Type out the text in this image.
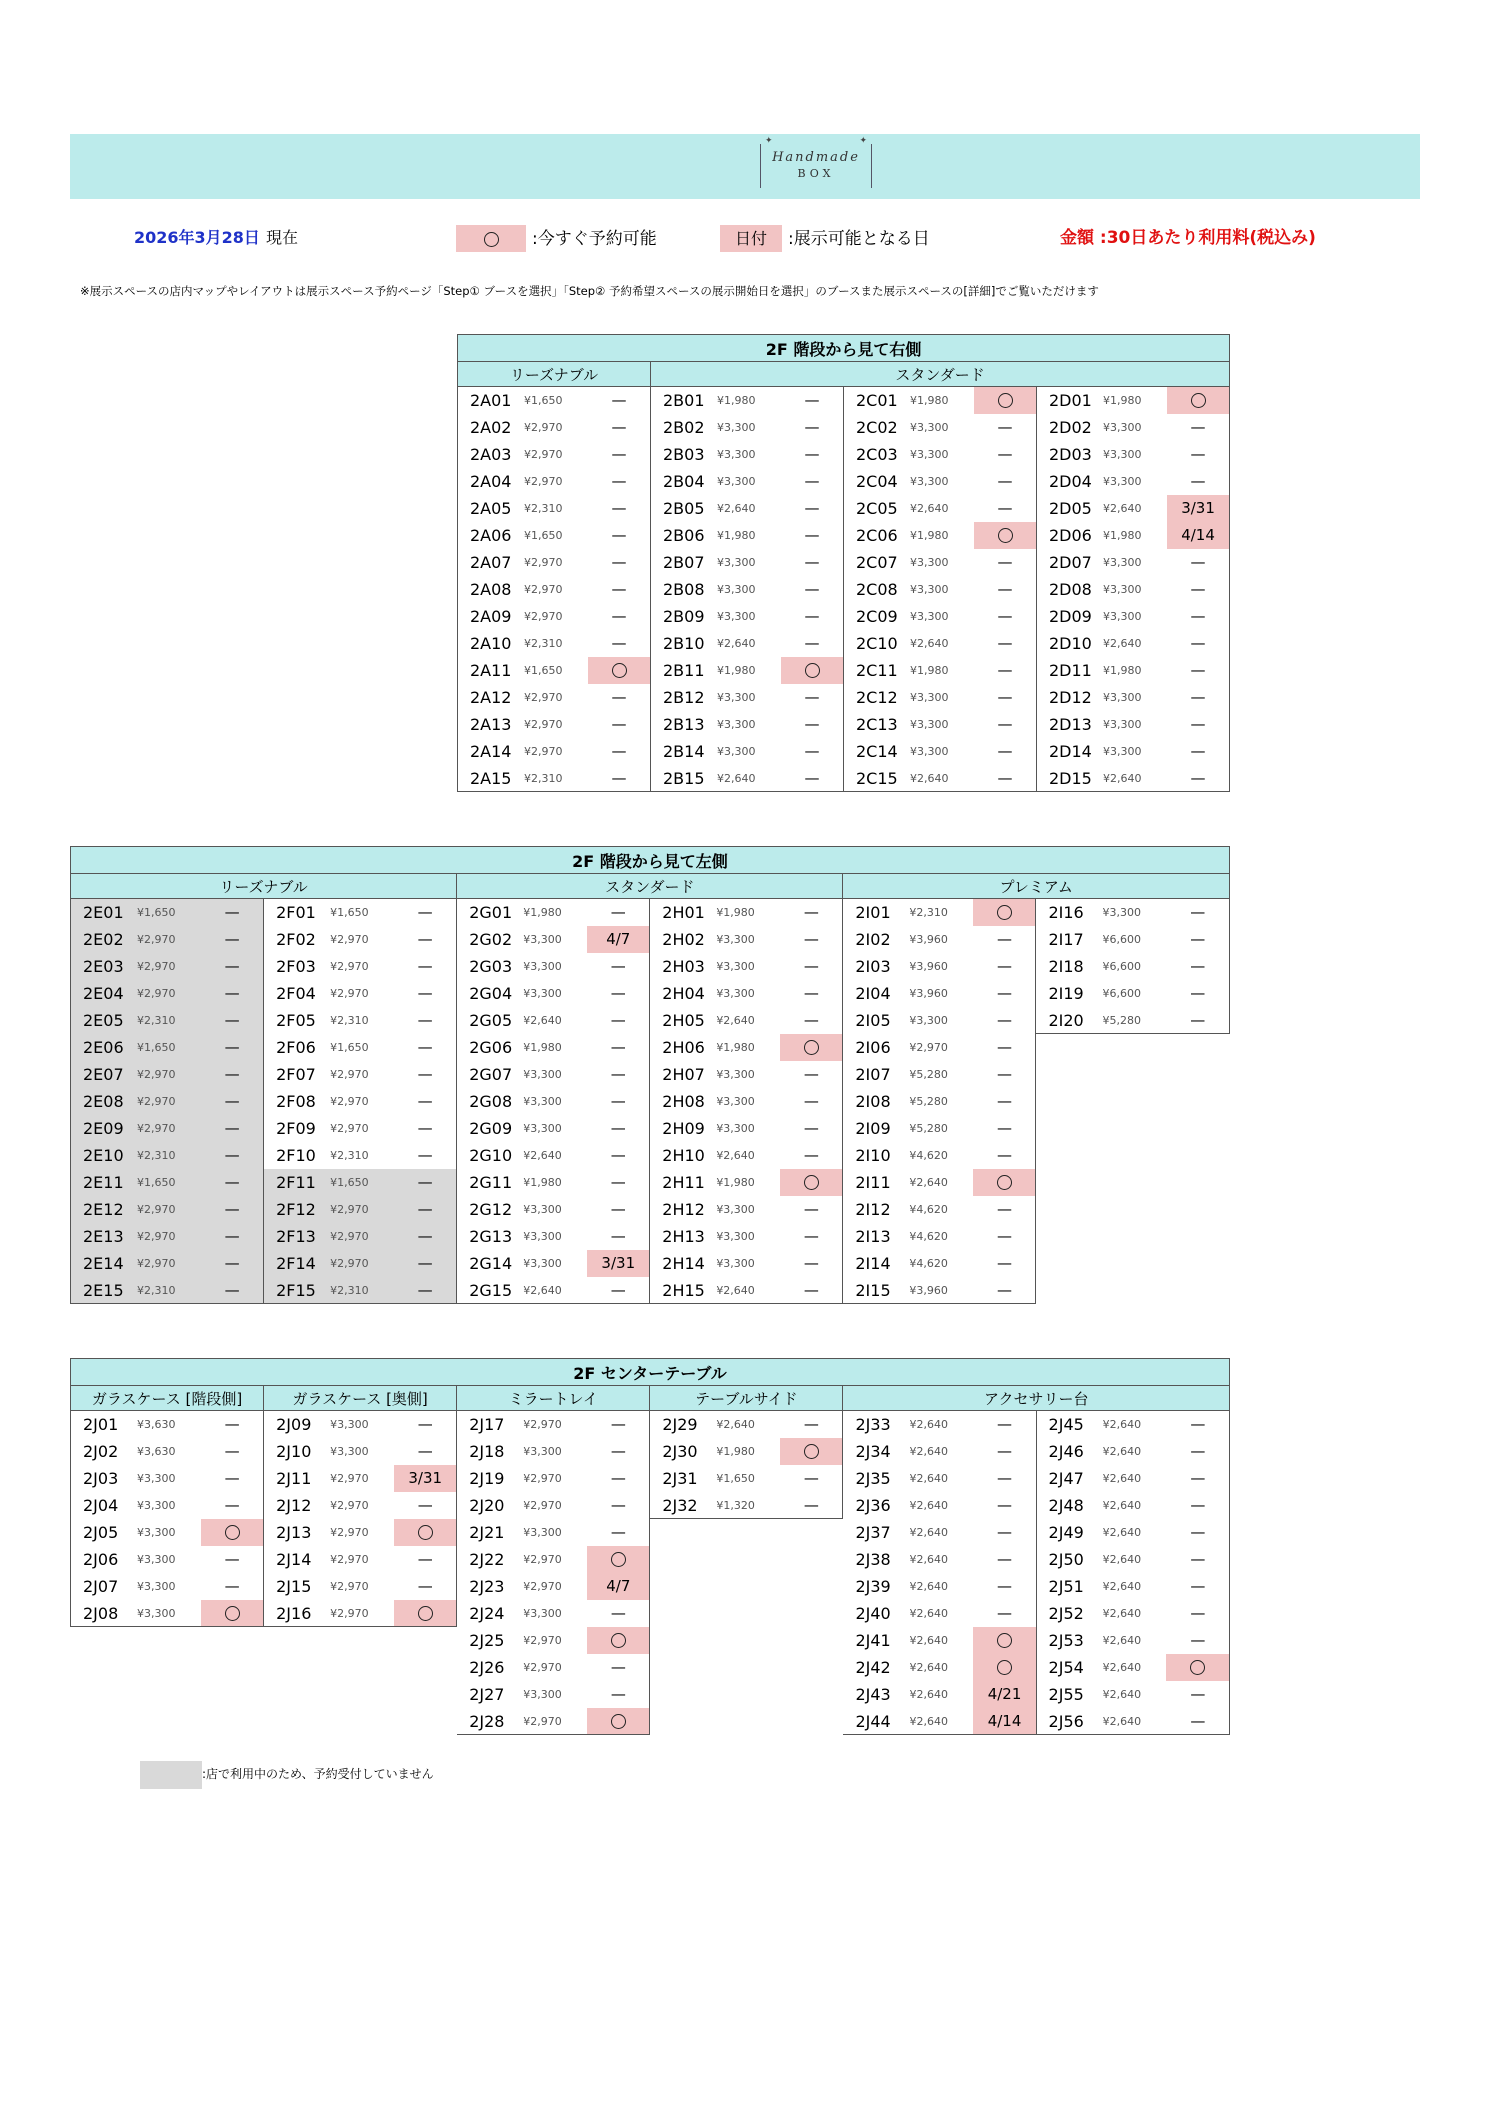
✦	✦
Handmade
BOX
2026年3月28日 現在	:今すぐ予約可能	日付 :展示可能となる日	金額 :30日あたり利用料(税込み)
※展示スペースの店内マップやレイアウトは展示スペース予約ページ「Step① ブースを選択」「Step② 予約希望スペースの展示開始日を選択」のブースまた展示スペースの[詳細]でご覧いただけます
2F 階段から見て右側											
リーズナブル			スタンダード								
2A01	¥1,650	—	2B01	¥1,980	—	2C01	¥1,980		2D01	¥1,980	
2A02	¥2,970	—	2B02	¥3,300	—	2C02	¥3,300	—	2D02	¥3,300	—
2A03	¥2,970	—	2B03	¥3,300	—	2C03	¥3,300	—	2D03	¥3,300	—
2A04	¥2,970	—	2B04	¥3,300	—	2C04	¥3,300	—	2D04	¥3,300	—
2A05	¥2,310	—	2B05	¥2,640	—	2C05	¥2,640	—	2D05	¥2,640	3/31
2A06	¥1,650	—	2B06	¥1,980	—	2C06	¥1,980		2D06	¥1,980	4/14
2A07	¥2,970	—	2B07	¥3,300	—	2C07	¥3,300	—	2D07	¥3,300	—
2A08	¥2,970	—	2B08	¥3,300	—	2C08	¥3,300	—	2D08	¥3,300	—
2A09	¥2,970	—	2B09	¥3,300	—	2C09	¥3,300	—	2D09	¥3,300	—
2A10	¥2,310	—	2B10	¥2,640	—	2C10	¥2,640	—	2D10	¥2,640	—
2A11	¥1,650		2B11	¥1,980		2C11	¥1,980	—	2D11	¥1,980	—
2A12	¥2,970	—	2B12	¥3,300	—	2C12	¥3,300	—	2D12	¥3,300	—
2A13	¥2,970	—	2B13	¥3,300	—	2C13	¥3,300	—	2D13	¥3,300	—
2A14	¥2,970	—	2B14	¥3,300	—	2C14	¥3,300	—	2D14	¥3,300	—
2A15	¥2,310	—	2B15	¥2,640	—	2C15	¥2,640	—	2D15	¥2,640	—
2F 階段から見て左側																	
リーズナブル						スタンダード						プレミアム					
2E01	¥1,650	—	2F01	¥1,650	—	2G01	¥1,980	—	2H01	¥1,980	—	2I01	¥2,310		2I16	¥3,300	—
2E02	¥2,970	—	2F02	¥2,970	—	2G02	¥3,300	4/7	2H02	¥3,300	—	2I02	¥3,960	—	2I17	¥6,600	—
2E03	¥2,970	—	2F03	¥2,970	—	2G03	¥3,300	—	2H03	¥3,300	—	2I03	¥3,960	—	2I18	¥6,600	—
2E04	¥2,970	—	2F04	¥2,970	—	2G04	¥3,300	—	2H04	¥3,300	—	2I04	¥3,960	—	2I19	¥6,600	—
2E05	¥2,310	—	2F05	¥2,310	—	2G05	¥2,640	—	2H05	¥2,640	—	2I05	¥3,300	—	2I20	¥5,280	—
2E06	¥1,650	—	2F06	¥1,650	—	2G06	¥1,980	—	2H06	¥1,980		2I06	¥2,970	—			
2E07	¥2,970	—	2F07	¥2,970	—	2G07	¥3,300	—	2H07	¥3,300	—	2I07	¥5,280	—			
2E08	¥2,970	—	2F08	¥2,970	—	2G08	¥3,300	—	2H08	¥3,300	—	2I08	¥5,280	—			
2E09	¥2,970	—	2F09	¥2,970	—	2G09	¥3,300	—	2H09	¥3,300	—	2I09	¥5,280	—			
2E10	¥2,310	—	2F10	¥2,310	—	2G10	¥2,640	—	2H10	¥2,640	—	2I10	¥4,620	—			
2E11	¥1,650	—	2F11	¥1,650	—	2G11	¥1,980	—	2H11	¥1,980		2I11	¥2,640				
2E12	¥2,970	—	2F12	¥2,970	—	2G12	¥3,300	—	2H12	¥3,300	—	2I12	¥4,620	—			
2E13	¥2,970	—	2F13	¥2,970	—	2G13	¥3,300	—	2H13	¥3,300	—	2I13	¥4,620	—			
2E14	¥2,970	—	2F14	¥2,970	—	2G14	¥3,300	3/31	2H14	¥3,300	—	2I14	¥4,620	—			
2E15	¥2,310	—	2F15	¥2,310	—	2G15	¥2,640	—	2H15	¥2,640	—	2I15	¥3,960	—			
2F センターテーブル																	
ガラスケース [階段側]			ガラスケース [奥側]			ミラートレイ			テーブルサイド			アクセサリー台					
2J01	¥3,630	—	2J09	¥3,300	—	2J17	¥2,970	—	2J29	¥2,640	—	2J33	¥2,640	—	2J45	¥2,640	—
2J02	¥3,630	—	2J10	¥3,300	—	2J18	¥3,300	—	2J30	¥1,980		2J34	¥2,640	—	2J46	¥2,640	—
2J03	¥3,300	—	2J11	¥2,970	3/31	2J19	¥2,970	—	2J31	¥1,650	—	2J35	¥2,640	—	2J47	¥2,640	—
2J04	¥3,300	—	2J12	¥2,970	—	2J20	¥2,970	—	2J32	¥1,320	—	2J36	¥2,640	—	2J48	¥2,640	—
2J05	¥3,300		2J13	¥2,970		2J21	¥3,300	—				2J37	¥2,640	—	2J49	¥2,640	—
2J06	¥3,300	—	2J14	¥2,970	—	2J22	¥2,970					2J38	¥2,640	—	2J50	¥2,640	—
2J07	¥3,300	—	2J15	¥2,970	—	2J23	¥2,970	4/7				2J39	¥2,640	—	2J51	¥2,640	—
2J08	¥3,300		2J16	¥2,970		2J24	¥3,300	—				2J40	¥2,640	—	2J52	¥2,640	—
						2J25	¥2,970					2J41	¥2,640		2J53	¥2,640	—
						2J26	¥2,970	—				2J42	¥2,640		2J54	¥2,640	
						2J27	¥3,300	—				2J43	¥2,640	4/21	2J55	¥2,640	—
						2J28	¥2,970					2J44	¥2,640	4/14	2J56	¥2,640	—
:店で利用中のため、予約受付していません
